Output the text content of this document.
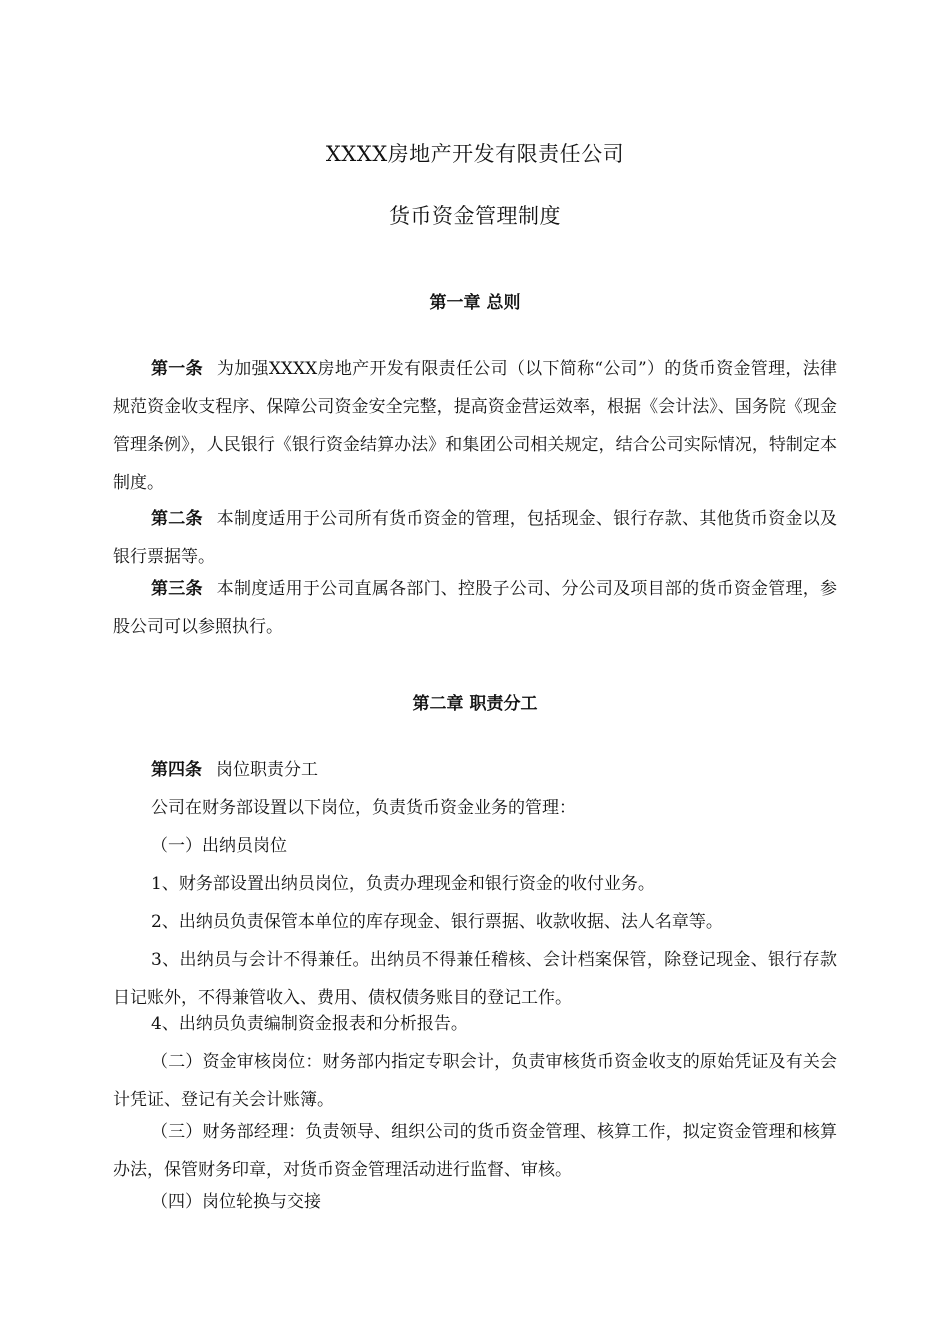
XXXX房地产开发有限责任公司
货币资金管理制度
第一章 总则
第一条 为加强XXXX房地产开发有限责任公司（以下简称“公司”）的货币资金管理，法律规范资金收支程序、保障公司资金安全完整，提高资金营运效率，根据《会计法》、国务院《现金管理条例》，人民银行《银行资金结算办法》和集团公司相关规定，结合公司实际情况，特制定本制度。
第二条 本制度适用于公司所有货币资金的管理，包括现金、银行存款、其他货币资金以及银行票据等。
第三条 本制度适用于公司直属各部门、控股子公司、分公司及项目部的货币资金管理，参股公司可以参照执行。
第二章 职责分工
第四条 岗位职责分工
公司在财务部设置以下岗位，负责货币资金业务的管理：
（一）出纳员岗位
1、财务部设置出纳员岗位，负责办理现金和银行资金的收付业务。
2、出纳员负责保管本单位的库存现金、银行票据、收款收据、法人名章等。
3、出纳员与会计不得兼任。出纳员不得兼任稽核、会计档案保管，除登记现金、银行存款日记账外，不得兼管收入、费用、债权债务账目的登记工作。
4、出纳员负责编制资金报表和分析报告。
（二）资金审核岗位：财务部内指定专职会计，负责审核货币资金收支的原始凭证及有关会计凭证、登记有关会计账簿。
（三）财务部经理：负责领导、组织公司的货币资金管理、核算工作，拟定资金管理和核算办法，保管财务印章，对货币资金管理活动进行监督、审核。
（四）岗位轮换与交接
